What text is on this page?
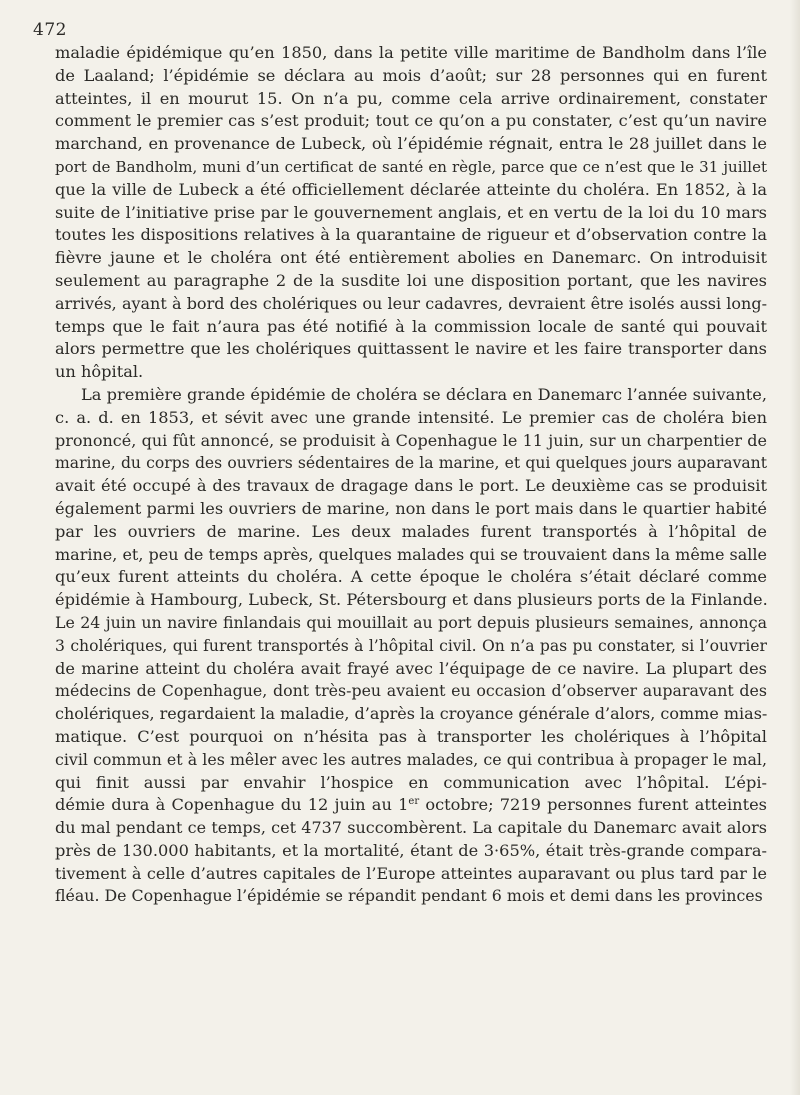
472
maladie épidémique qu’en 1850, dans la petite ville maritime de Bandholm dans l’île
de Laaland; l’épidémie se déclara au mois d’août; sur 28 personnes qui en furent
atteintes, il en mourut 15. On n’a pu, comme cela arrive ordinairement, constater
comment le premier cas s’est produit; tout ce qu’on a pu constater, c’est qu’un navire
marchand, en provenance de Lubeck, où l’épidémie régnait, entra le 28 juillet dans le
port de Bandholm, muni d’un certificat de santé en règle, parce que ce n’est que le 31 juillet
que la ville de Lubeck a été officiellement déclarée atteinte du choléra. En 1852, à la
suite de l’initiative prise par le gouvernement anglais, et en vertu de la loi du 10 mars
toutes les dispositions relatives à la quarantaine de rigueur et d’observation contre la
fièvre jaune et le choléra ont été entièrement abolies en Danemarc. On introduisit
seulement au paragraphe 2 de la susdite loi une disposition portant, que les navires
arrivés, ayant à bord des cholériques ou leur cadavres, devraient être isolés aussi long-
temps que le fait n’aura pas été notifié à la commission locale de santé qui pouvait
alors permettre que les cholériques quittassent le navire et les faire transporter dans
un hôpital.
La première grande épidémie de choléra se déclara en Danemarc l’année suivante,
c. a. d. en 1853, et sévit avec une grande intensité. Le premier cas de choléra bien
prononcé, qui fût annoncé, se produisit à Copenhague le 11 juin, sur un charpentier de
marine, du corps des ouvriers sédentaires de la marine, et qui quelques jours auparavant
avait été occupé à des travaux de dragage dans le port. Le deuxième cas se produisit
également parmi les ouvriers de marine, non dans le port mais dans le quartier habité
par les ouvriers de marine. Les deux malades furent transportés à l’hôpital de
marine, et, peu de temps après, quelques malades qui se trouvaient dans la même salle
qu’eux furent atteints du choléra. A cette époque le choléra s’était déclaré comme
épidémie à Hambourg, Lubeck, St. Pétersbourg et dans plusieurs ports de la Finlande.
Le 24 juin un navire finlandais qui mouillait au port depuis plusieurs semaines, annonça
3 cholériques, qui furent transportés à l’hôpital civil. On n’a pas pu constater, si l’ouvrier
de marine atteint du choléra avait frayé avec l’équipage de ce navire. La plupart des
médecins de Copenhague, dont très-peu avaient eu occasion d’observer auparavant des
cholériques, regardaient la maladie, d’après la croyance générale d’alors, comme mias-
matique. C’est pourquoi on n’hésita pas à transporter les cholériques à l’hôpital
civil commun et à les mêler avec les autres malades, ce qui contribua à propager le mal,
qui finit aussi par envahir l’hospice en communication avec l’hôpital. L’épi-
démie dura à Copenhague du 12 juin au 1er octobre; 7219 personnes furent atteintes
du mal pendant ce temps, cet 4737 succombèrent. La capitale du Danemarc avait alors
près de 130.000 habitants, et la mortalité, étant de 3·65%, était très-grande compara-
tivement à celle d’autres capitales de l’Europe atteintes auparavant ou plus tard par le
fléau. De Copenhague l’épidémie se répandit pendant 6 mois et demi dans les provinces
